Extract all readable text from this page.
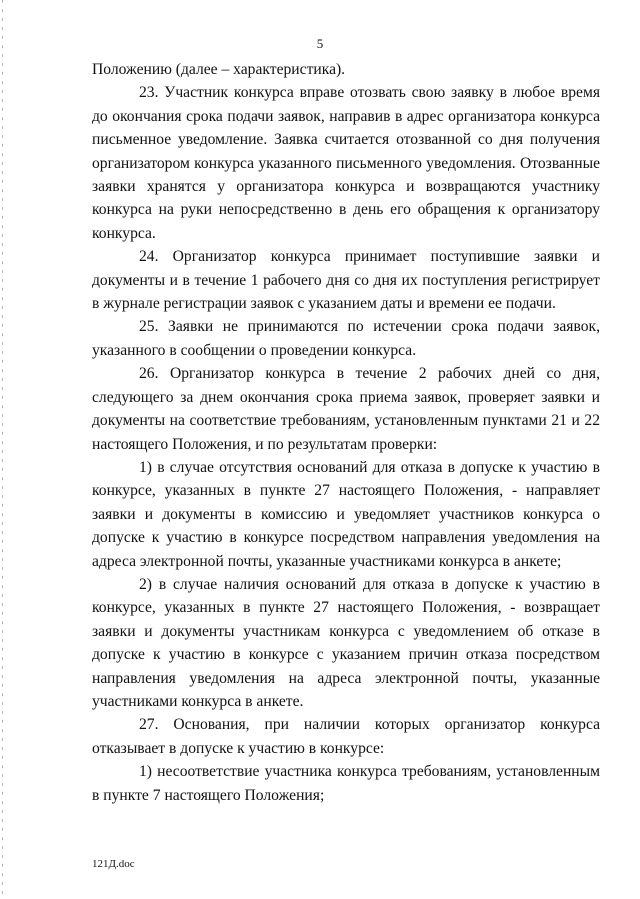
5

Положению (далее – характеристика).

23. Участник конкурса вправе отозвать свою заявку в любое время до окончания срока подачи заявок, направив в адрес организатора конкурса письменное уведомление. Заявка считается отозванной со дня получения организатором конкурса указанного письменного уведомления. Отозванные заявки хранятся у организатора конкурса и возвращаются участнику конкурса на руки непосредственно в день его обращения к организатору конкурса.

24. Организатор конкурса принимает поступившие заявки и документы и в течение 1 рабочего дня со дня их поступления регистрирует в журнале регистрации заявок с указанием даты и времени ее подачи.

25. Заявки не принимаются по истечении срока подачи заявок, указанного в сообщении о проведении конкурса.

26. Организатор конкурса в течение 2 рабочих дней со дня, следующего за днем окончания срока приема заявок, проверяет заявки и документы на соответствие требованиям, установленным пунктами 21 и 22 настоящего Положения, и по результатам проверки:

1) в случае отсутствия оснований для отказа в допуске к участию в конкурсе, указанных в пункте 27 настоящего Положения, - направляет заявки и документы в комиссию и уведомляет участников конкурса о допуске к участию в конкурсе посредством направления уведомления на адреса электронной почты, указанные участниками конкурса в анкете;

2) в случае наличия оснований для отказа в допуске к участию в конкурсе, указанных в пункте 27 настоящего Положения, - возвращает заявки и документы участникам конкурса с уведомлением об отказе в допуске к участию в конкурсе с указанием причин отказа посредством направления уведомления на адреса электронной почты, указанные участниками конкурса в анкете.

27. Основания, при наличии которых организатор конкурса отказывает в допуске к участию в конкурсе:

1) несоответствие участника конкурса требованиям, установленным в пункте 7 настоящего Положения;

121Д.doc
